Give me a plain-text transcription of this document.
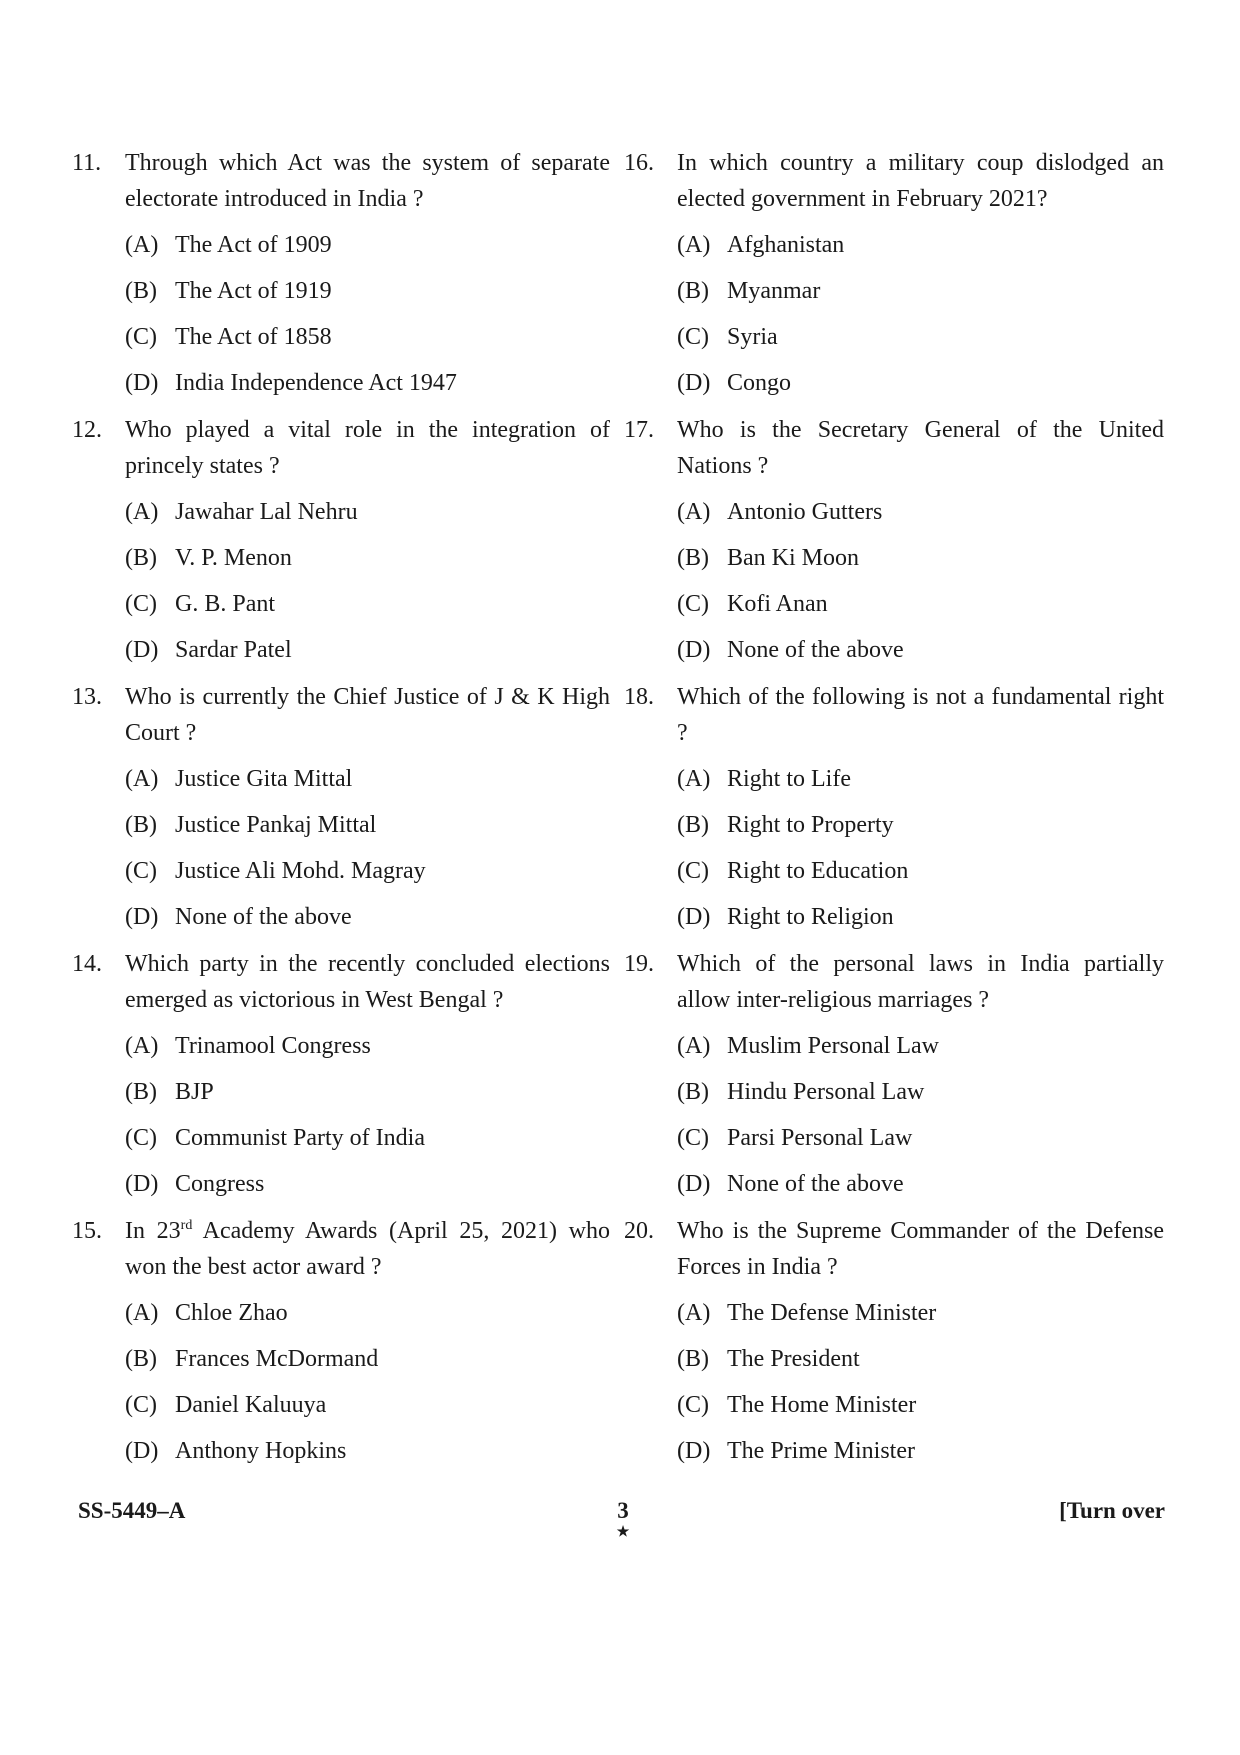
11. Through which Act was the system of separate electorate introduced in India ?
(A) The Act of 1909
(B) The Act of 1919
(C) The Act of 1858
(D) India Independence Act 1947
12. Who played a vital role in the integration of princely states ?
(A) Jawahar Lal Nehru
(B) V. P. Menon
(C) G. B. Pant
(D) Sardar Patel
13. Who is currently the Chief Justice of J & K High Court ?
(A) Justice Gita Mittal
(B) Justice Pankaj Mittal
(C) Justice Ali Mohd. Magray
(D) None of the above
14. Which party in the recently concluded elections emerged as victorious in West Bengal ?
(A) Trinamool Congress
(B) BJP
(C) Communist Party of India
(D) Congress
15. In 23rd Academy Awards (April 25, 2021) who won the best actor award ?
(A) Chloe Zhao
(B) Frances McDormand
(C) Daniel Kaluuya
(D) Anthony Hopkins
16. In which country a military coup dislodged an elected government in February 2021?
(A) Afghanistan
(B) Myanmar
(C) Syria
(D) Congo
17. Who is the Secretary General of the United Nations ?
(A) Antonio Gutters
(B) Ban Ki Moon
(C) Kofi Anan
(D) None of the above
18. Which of the following is not a fundamental right ?
(A) Right to Life
(B) Right to Property
(C) Right to Education
(D) Right to Religion
19. Which of the personal laws in India partially allow inter-religious marriages ?
(A) Muslim Personal Law
(B) Hindu Personal Law
(C) Parsi Personal Law
(D) None of the above
20. Who is the Supreme Commander of the Defense Forces in India ?
(A) The Defense Minister
(B) The President
(C) The Home Minister
(D) The Prime Minister
SS-5449–A	3
★
[Turn over
